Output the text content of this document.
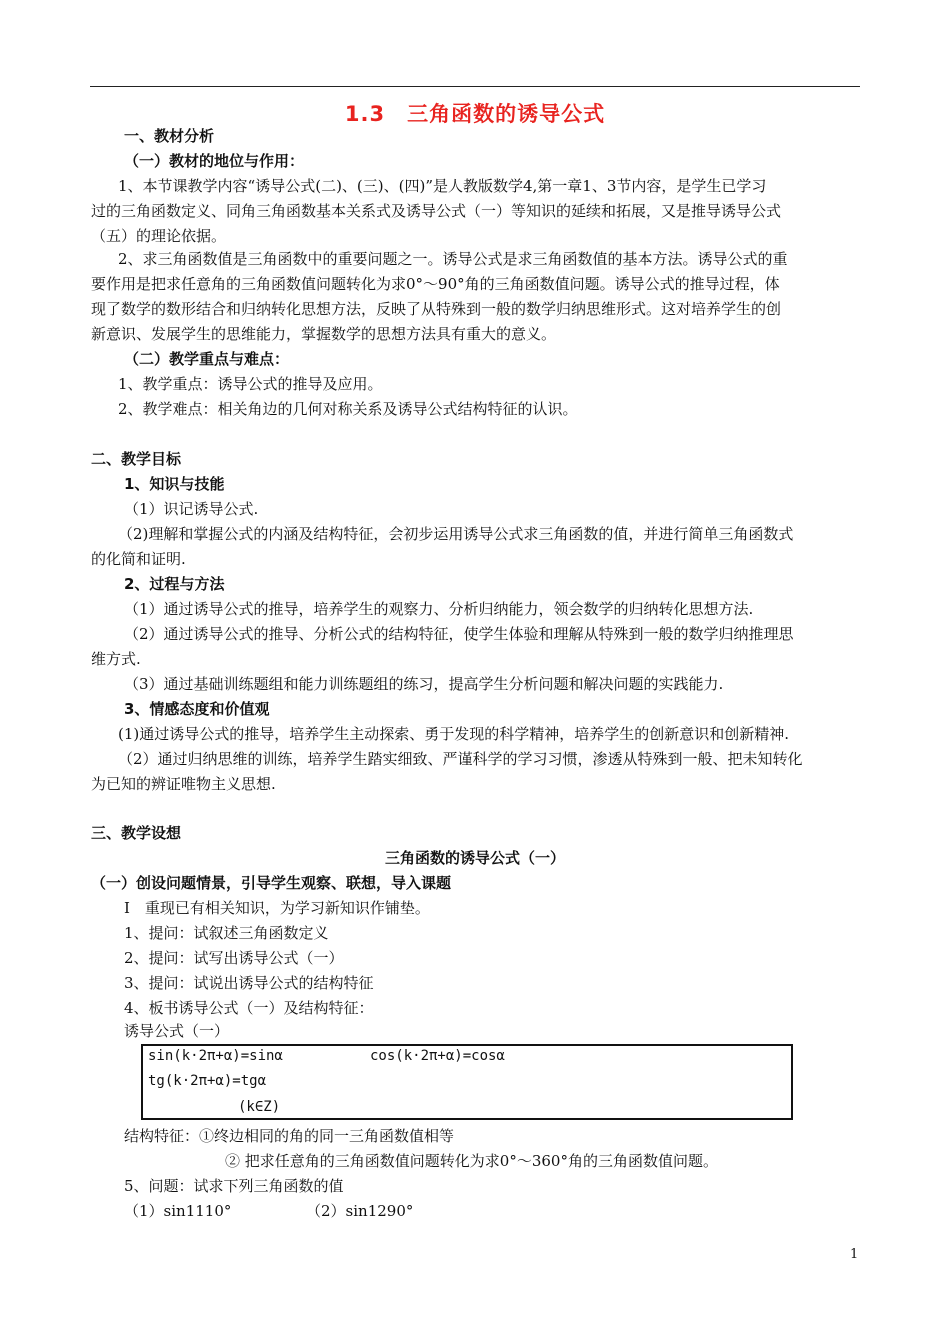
1.3　三角函数的诱导公式
一、教材分析
（一）教材的地位与作用：
1、本节课教学内容“诱导公式(二)、(三)、(四)”是人教版数学4,第一章1、3节内容，是学生已学习
过的三角函数定义、同角三角函数基本关系式及诱导公式（一）等知识的延续和拓展，又是推导诱导公式
（五）的理论依据。
2、求三角函数值是三角函数中的重要问题之一。诱导公式是求三角函数值的基本方法。诱导公式的重
要作用是把求任意角的三角函数值问题转化为求0°～90°角的三角函数值问题。诱导公式的推导过程，体
现了数学的数形结合和归纳转化思想方法，反映了从特殊到一般的数学归纳思维形式。这对培养学生的创
新意识、发展学生的思维能力，掌握数学的思想方法具有重大的意义。
（二）教学重点与难点：
1、教学重点：诱导公式的推导及应用。
2、教学难点：相关角边的几何对称关系及诱导公式结构特征的认识。
二、教学目标
1、知识与技能
（1）识记诱导公式.
（2)理解和掌握公式的内涵及结构特征，会初步运用诱导公式求三角函数的值，并进行简单三角函数式
的化简和证明.
2、过程与方法
（1）通过诱导公式的推导，培养学生的观察力、分析归纳能力，领会数学的归纳转化思想方法.
（2）通过诱导公式的推导、分析公式的结构特征，使学生体验和理解从特殊到一般的数学归纳推理思
维方式.
（3）通过基础训练题组和能力训练题组的练习，提高学生分析问题和解决问题的实践能力.
3、情感态度和价值观
(1)通过诱导公式的推导，培养学生主动探索、勇于发现的科学精神，培养学生的创新意识和创新精神.
（2）通过归纳思维的训练，培养学生踏实细致、严谨科学的学习习惯，渗透从特殊到一般、把未知转化
为已知的辨证唯物主义思想.
三、教学设想
三角函数的诱导公式（一）
（一）创设问题情景，引导学生观察、联想，导入课题
Ⅰ　重现已有相关知识，为学习新知识作铺垫。
1、提问：试叙述三角函数定义
2、提问：试写出诱导公式（一）
3、提问：试说出诱导公式的结构特征
4、板书诱导公式（一）及结构特征：
诱导公式（一）
sin(k·2π+α)=sinα	cos(k·2π+α)=cosα
tg(k·2π+α)=tgα
(k∈Z)
结构特征：①终边相同的角的同一三角函数值相等
② 把求任意角的三角函数值问题转化为求0°～360°角的三角函数值问题。
5、问题：试求下列三角函数的值
（1）sin1110°	（2）sin1290°
1
